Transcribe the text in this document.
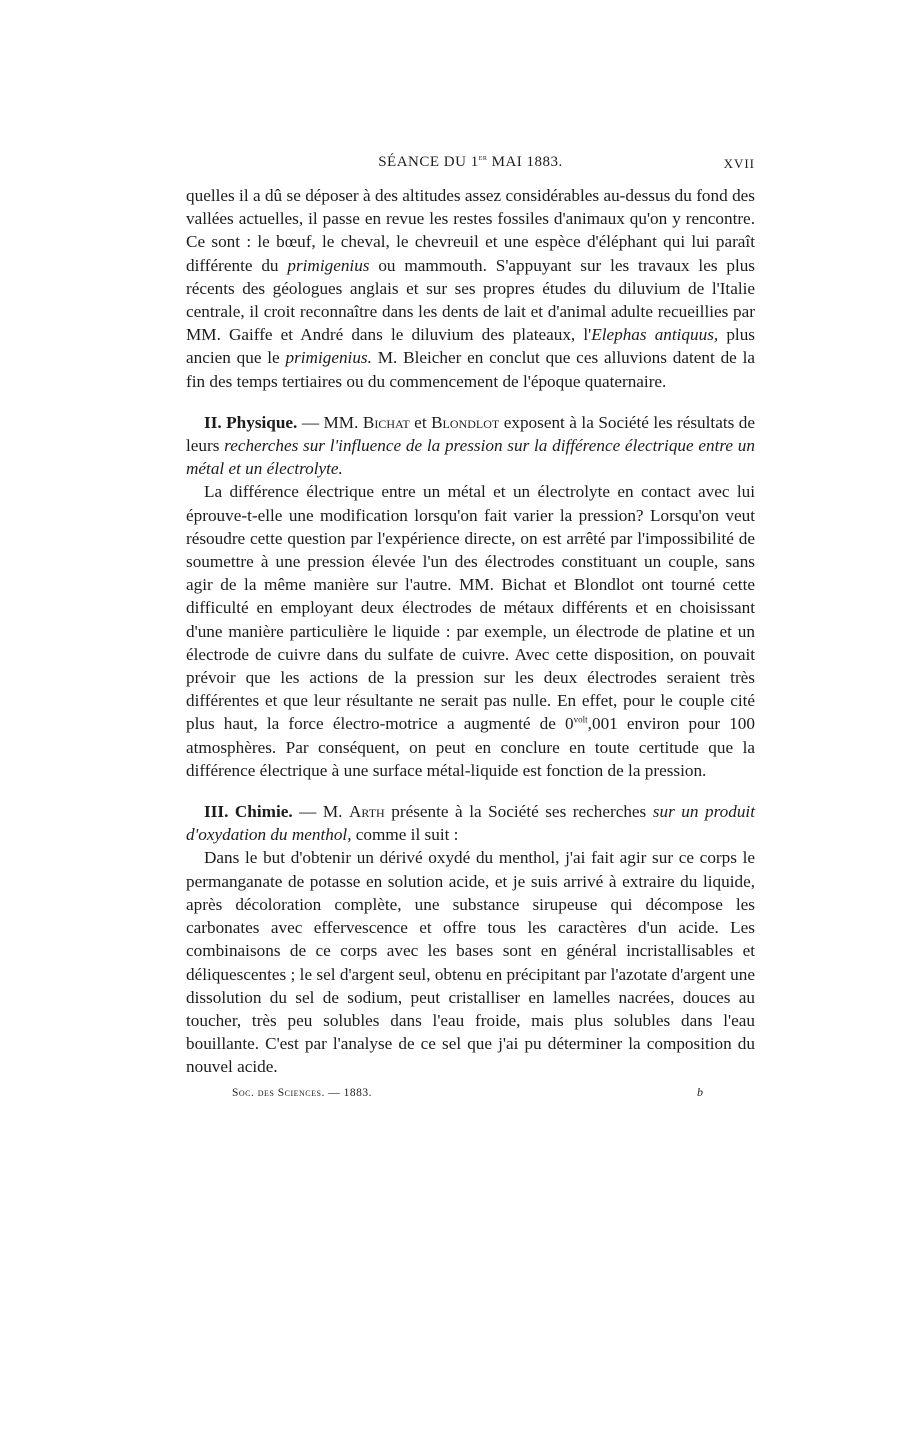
SÉANCE DU 1er MAI 1883.	XVII

quelles il a dû se déposer à des altitudes assez considérables au-dessus du fond des vallées actuelles, il passe en revue les restes fossiles d'animaux qu'on y rencontre. Ce sont : le bœuf, le cheval, le chevreuil et une espèce d'éléphant qui lui paraît différente du primigenius ou mammouth. S'appuyant sur les travaux les plus récents des géologues anglais et sur ses propres études du diluvium de l'Italie centrale, il croit reconnaître dans les dents de lait et d'animal adulte recueillies par MM. Gaiffe et André dans le diluvium des plateaux, l'Elephas antiquus, plus ancien que le primigenius. M. Bleicher en conclut que ces alluvions datent de la fin des temps tertiaires ou du commencement de l'époque quaternaire.

II. Physique. — MM. Bichat et Blondlot exposent à la Société les résultats de leurs recherches sur l'influence de la pression sur la différence électrique entre un métal et un électrolyte.

La différence électrique entre un métal et un électrolyte en contact avec lui éprouve-t-elle une modification lorsqu'on fait varier la pression? Lorsqu'on veut résoudre cette question par l'expérience directe, on est arrêté par l'impossibilité de soumettre à une pression élevée l'un des électrodes constituant un couple, sans agir de la même manière sur l'autre. MM. Bichat et Blondlot ont tourné cette difficulté en employant deux électrodes de métaux différents et en choisissant d'une manière particulière le liquide : par exemple, un électrode de platine et un électrode de cuivre dans du sulfate de cuivre. Avec cette disposition, on pouvait prévoir que les actions de la pression sur les deux électrodes seraient très différentes et que leur résultante ne serait pas nulle. En effet, pour le couple cité plus haut, la force électro-motrice a augmenté de $0^{volt},001$ environ pour 100 atmosphères. Par conséquent, on peut en conclure en toute certitude que la différence électrique à une surface métal-liquide est fonction de la pression.

III. Chimie. — M. Arth présente à la Société ses recherches sur un produit d'oxydation du menthol, comme il suit :

Dans le but d'obtenir un dérivé oxydé du menthol, j'ai fait agir sur ce corps le permanganate de potasse en solution acide, et je suis arrivé à extraire du liquide, après décoloration complète, une substance sirupeuse qui décompose les carbonates avec effervescence et offre tous les caractères d'un acide. Les combinaisons de ce corps avec les bases sont en général incristallisables et déliquescentes ; le sel d'argent seul, obtenu en précipitant par l'azotate d'argent une dissolution du sel de sodium, peut cristalliser en lamelles nacrées, douces au toucher, très peu solubles dans l'eau froide, mais plus solubles dans l'eau bouillante. C'est par l'analyse de ce sel que j'ai pu déterminer la composition du nouvel acide.

Soc. des Sciences. — 1883.	b
